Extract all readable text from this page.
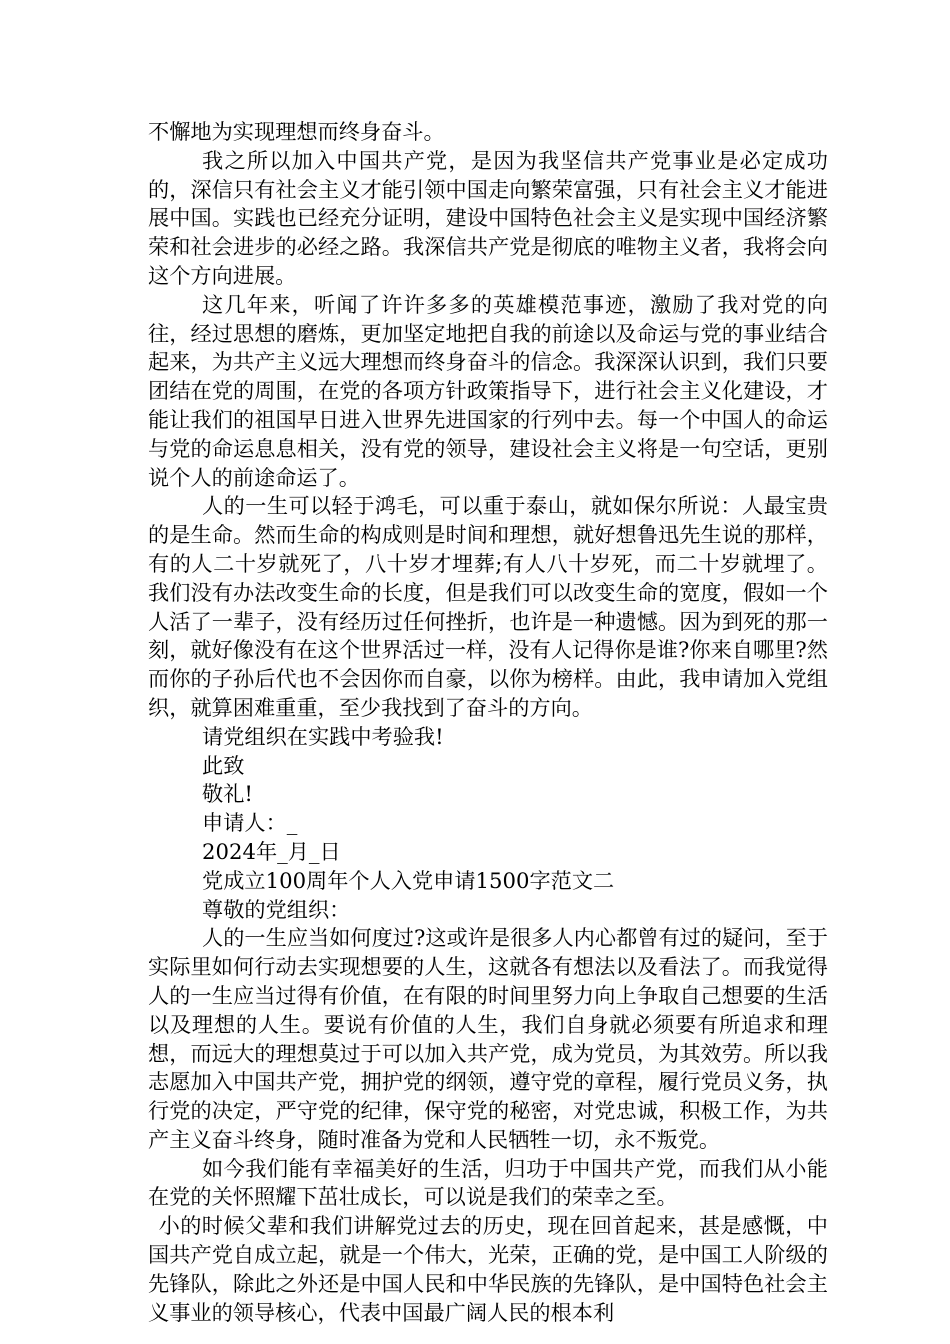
不懈地为实现理想而终身奋斗。

我之所以加入中国共产党，是因为我坚信共产党事业是必定成功的，深信只有社会主义才能引领中国走向繁荣富强，只有社会主义才能进展中国。实践也已经充分证明，建设中国特色社会主义是实现中国经济繁荣和社会进步的必经之路。我深信共产党是彻底的唯物主义者，我将会向这个方向进展。

这几年来，听闻了许许多多的英雄模范事迹，激励了我对党的向往，经过思想的磨炼，更加坚定地把自我的前途以及命运与党的事业结合起来，为共产主义远大理想而终身奋斗的信念。我深深认识到，我们只要团结在党的周围，在党的各项方针政策指导下，进行社会主义化建设，才能让我们的祖国早日进入世界先进国家的行列中去。每一个中国人的命运与党的命运息息相关，没有党的领导，建设社会主义将是一句空话，更别说个人的前途命运了。

人的一生可以轻于鸿毛，可以重于泰山，就如保尔所说：人最宝贵的是生命。然而生命的构成则是时间和理想，就好想鲁迅先生说的那样，有的人二十岁就死了，八十岁才埋葬;有人八十岁死，而二十岁就埋了。我们没有办法改变生命的长度，但是我们可以改变生命的宽度，假如一个人活了一辈子，没有经历过任何挫折，也许是一种遗憾。因为到死的那一刻，就好像没有在这个世界活过一样，没有人记得你是谁?你来自哪里?然而你的子孙后代也不会因你而自豪，以你为榜样。由此，我申请加入党组织，就算困难重重，至少我找到了奋斗的方向。

请党组织在实践中考验我!

此致

敬礼!

申请人：_

2024年_月_日

党成立100周年个人入党申请1500字范文二

尊敬的党组织：

人的一生应当如何度过?这或许是很多人内心都曾有过的疑问，至于实际里如何行动去实现想要的人生，这就各有想法以及看法了。而我觉得人的一生应当过得有价值，在有限的时间里努力向上争取自己想要的生活以及理想的人生。要说有价值的人生，我们自身就必须要有所追求和理想，而远大的理想莫过于可以加入共产党，成为党员，为其效劳。所以我志愿加入中国共产党，拥护党的纲领，遵守党的章程，履行党员义务，执行党的决定，严守党的纪律，保守党的秘密，对党忠诚，积极工作，为共产主义奋斗终身，随时准备为党和人民牺牲一切，永不叛党。

如今我们能有幸福美好的生活，归功于中国共产党，而我们从小能在党的关怀照耀下茁壮成长，可以说是我们的荣幸之至。

小的时候父辈和我们讲解党过去的历史，现在回首起来，甚是感慨，中国共产党自成立起，就是一个伟大，光荣，正确的党，是中国工人阶级的先锋队，除此之外还是中国人民和中华民族的先锋队，是中国特色社会主义事业的领导核心，代表中国最广阔人民的根本利
